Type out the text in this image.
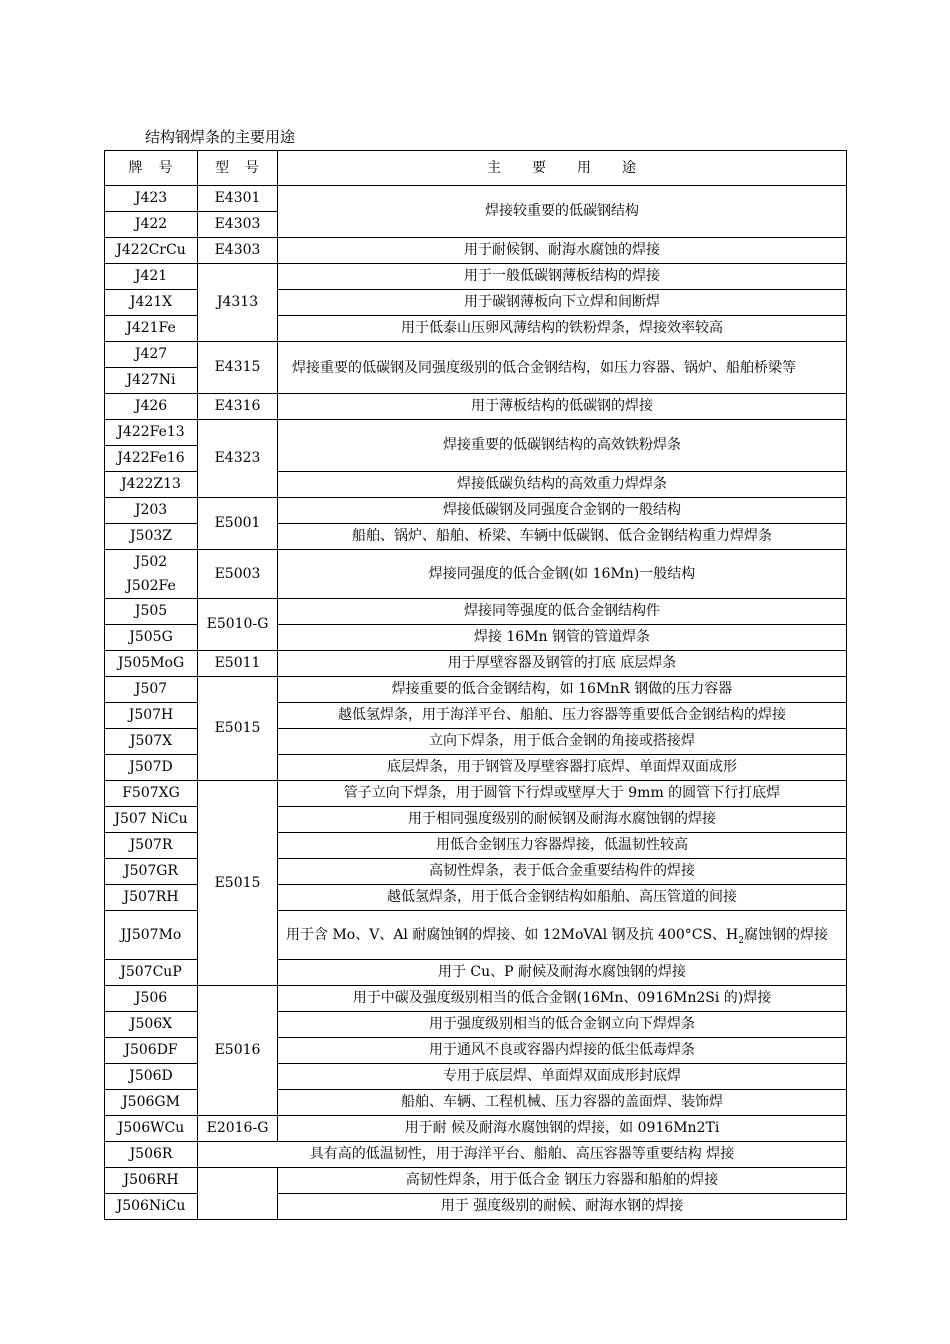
结构钢焊条的主要用途
牌　号	型　号	主　　要　　用　　途
J423	E4301	焊接较重要的低碳钢结构
J422	E4303	
J422CrCu	E4303	用于耐候钢、耐海水腐蚀的焊接
J421	J4313	用于一般低碳钢薄板结构的焊接
J421X		用于碳钢薄板向下立焊和间断焊
J421Fe		用于低泰山压卵风薄结构的铁粉焊条，焊接效率较高
J427	E4315	焊接重要的低碳钢及同强度级别的低合金钢结构，如压力容器、锅炉、船舶桥梁等
J427Ni		
J426	E4316	用于薄板结构的低碳钢的焊接
J422Fe13	E4323	焊接重要的低碳钢结构的高效铁粉焊条
J422Fe16		
J422Z13		焊接低碳负结构的高效重力焊焊条
J203	E5001	焊接低碳钢及同强度合金钢的一般结构
J503Z		船舶、锅炉、船舶、桥梁、车辆中低碳钢、低合金钢结构重力焊焊条

J502
J502Fe	E5003	焊接同强度的低合金钢(如 16Mn)一般结构
J505	E5010-G	焊接同等强度的低合金钢结构件
J505G		焊接 16Mn 钢管的管道焊条
J505MoG	E5011	用于厚壁容器及钢管的打底 底层焊条
J507	E5015	焊接重要的低合金钢结构，如 16MnR 钢做的压力容器
J507H		越低氢焊条，用于海洋平台、船舶、压力容器等重要低合金钢结构的焊接
J507X		立向下焊条，用于低合金钢的角接或搭接焊
J507D		底层焊条，用于钢管及厚壁容器打底焊、单面焊双面成形
F507XG	E5015	管子立向下焊条，用于圆管下行焊或壁厚大于 9mm 的圆管下行打底焊
J507 NiCu		用于相同强度级别的耐候钢及耐海水腐蚀钢的焊接
J507R		用低合金钢压力容器焊接，低温韧性较高
J507GR		高韧性焊条，表于低合金重要结构件的焊接
J507RH		越低氢焊条，用于低合金钢结构如船舶、高压管道的间接
JJ507Mo		用于含 Mo、V、Al 耐腐蚀钢的焊接、如 12MoVAl 钢及抗 400°CS、$H_2$腐蚀钢的焊接
J507CuP		用于 Cu、P 耐候及耐海水腐蚀钢的焊接
J506	E5016	用于中碳及强度级别相当的低合金钢(16Mn、0916Mn2Si 的)焊接
J506X		用于强度级别相当的低合金钢立向下焊焊条
J506DF		用于通风不良或容器内焊接的低尘低毒焊条
J506D		专用于底层焊、单面焊双面成形封底焊
J506GM		船舶、车辆、工程机械、压力容器的盖面焊、装饰焊
J506WCu	E2016-G	用于耐 候及耐海水腐蚀钢的焊接，如 0916Mn2Ti
J506R	具有高的低温韧性，用于海洋平台、船舶、高压容器等重要结构 焊接	
J506RH		高韧性焊条，用于低合金 钢压力容器和船舶的焊接
J506NiCu		用于 强度级别的耐候、耐海水钢的焊接
